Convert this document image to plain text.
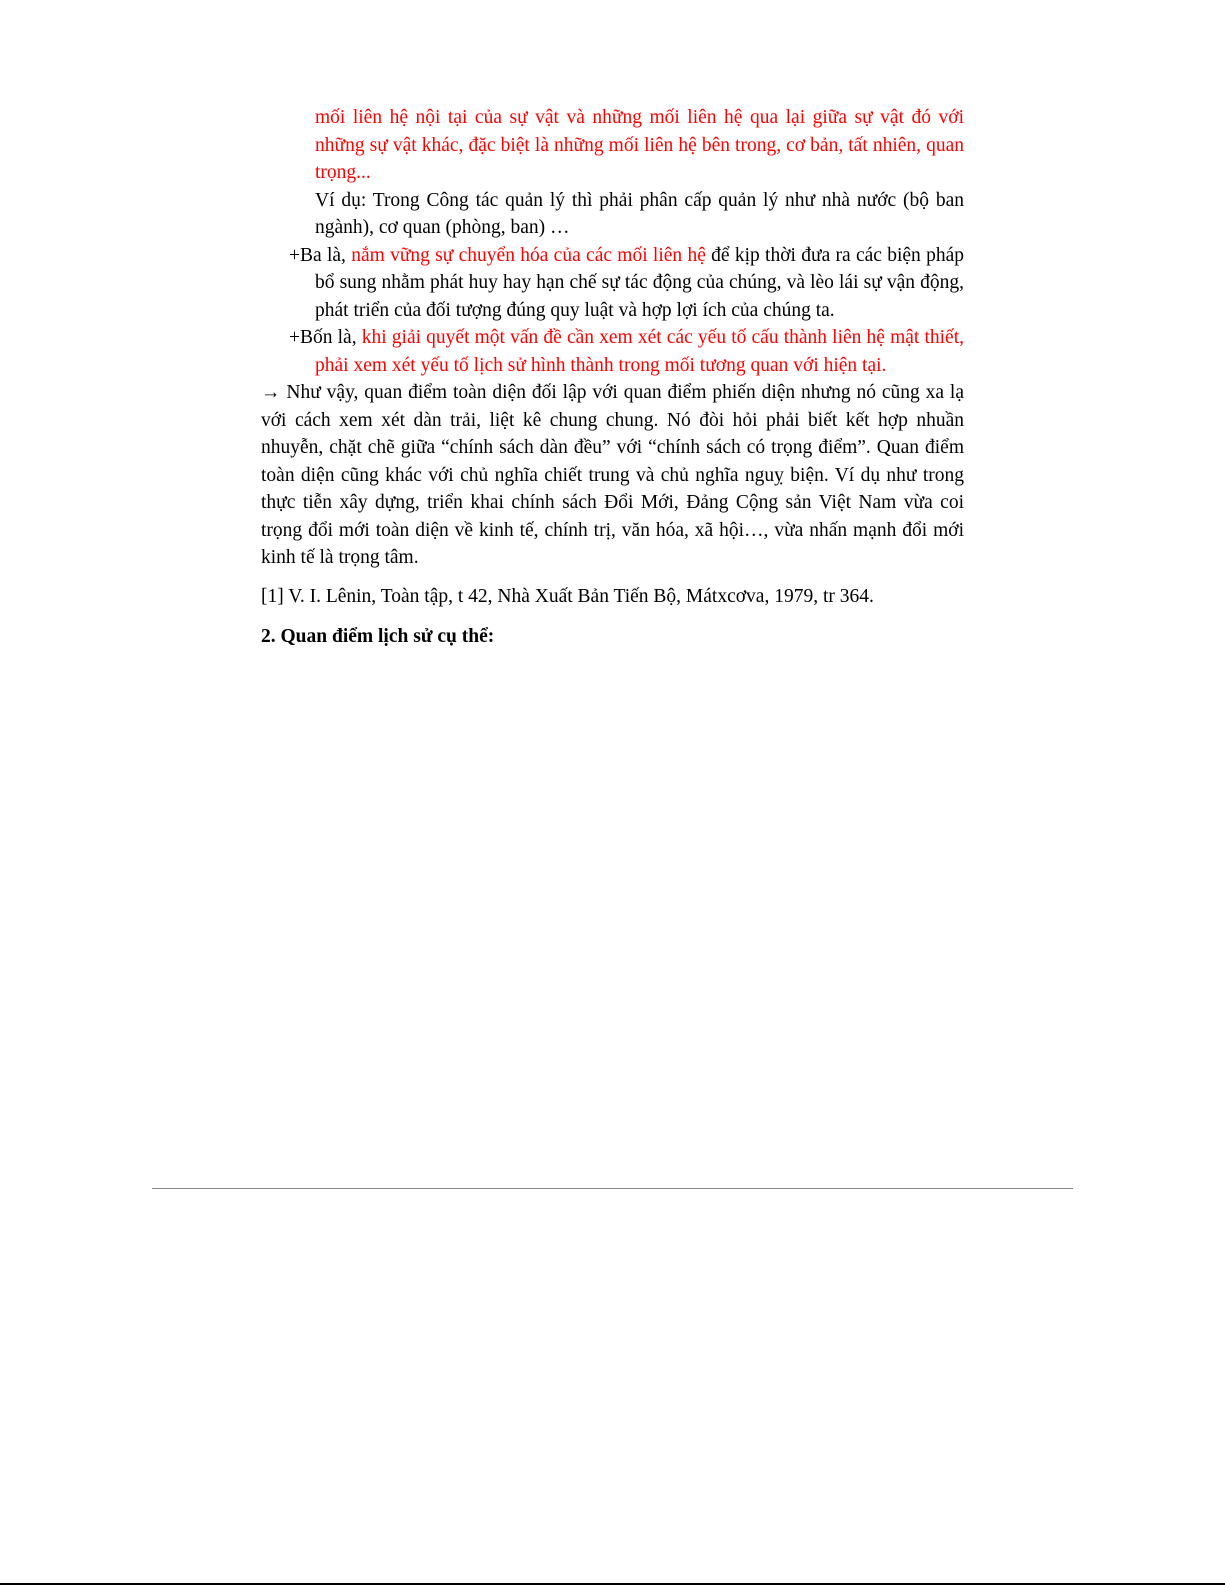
mối liên hệ nội tại của sự vật và những mối liên hệ qua lại giữa sự vật đó với những sự vật khác, đặc biệt là những mối liên hệ bên trong, cơ bản, tất nhiên, quan trọng...
Ví dụ: Trong Công tác quản lý thì phải phân cấp quản lý như nhà nước (bộ ban ngành), cơ quan (phòng, ban) …
+Ba là, nắm vững sự chuyển hóa của các mối liên hệ để kịp thời đưa ra các biện pháp bổ sung nhằm phát huy hay hạn chế sự tác động của chúng, và lèo lái sự vận động, phát triển của đối tượng đúng quy luật và hợp lợi ích của chúng ta.
+Bốn là, khi giải quyết một vấn đề cần xem xét các yếu tố cấu thành liên hệ mật thiết, phải xem xét yếu tố lịch sử hình thành trong mối tương quan với hiện tại.
→ Như vậy, quan điểm toàn diện đối lập với quan điểm phiến diện nhưng nó cũng xa lạ với cách xem xét dàn trải, liệt kê chung chung. Nó đòi hỏi phải biết kết hợp nhuần nhuyễn, chặt chẽ giữa “chính sách dàn đều” với “chính sách có trọng điểm”. Quan điểm toàn diện cũng khác với chủ nghĩa chiết trung và chủ nghĩa nguỵ biện. Ví dụ như trong thực tiễn xây dựng, triển khai chính sách Đổi Mới, Đảng Cộng sản Việt Nam vừa coi trọng đổi mới toàn diện về kinh tế, chính trị, văn hóa, xã hội…, vừa nhấn mạnh đổi mới kinh tế là trọng tâm.
[1] V. I. Lênin, Toàn tập, t 42, Nhà Xuất Bản Tiến Bộ, Mátxcơva, 1979, tr 364.
2. Quan điểm lịch sử cụ thể:
